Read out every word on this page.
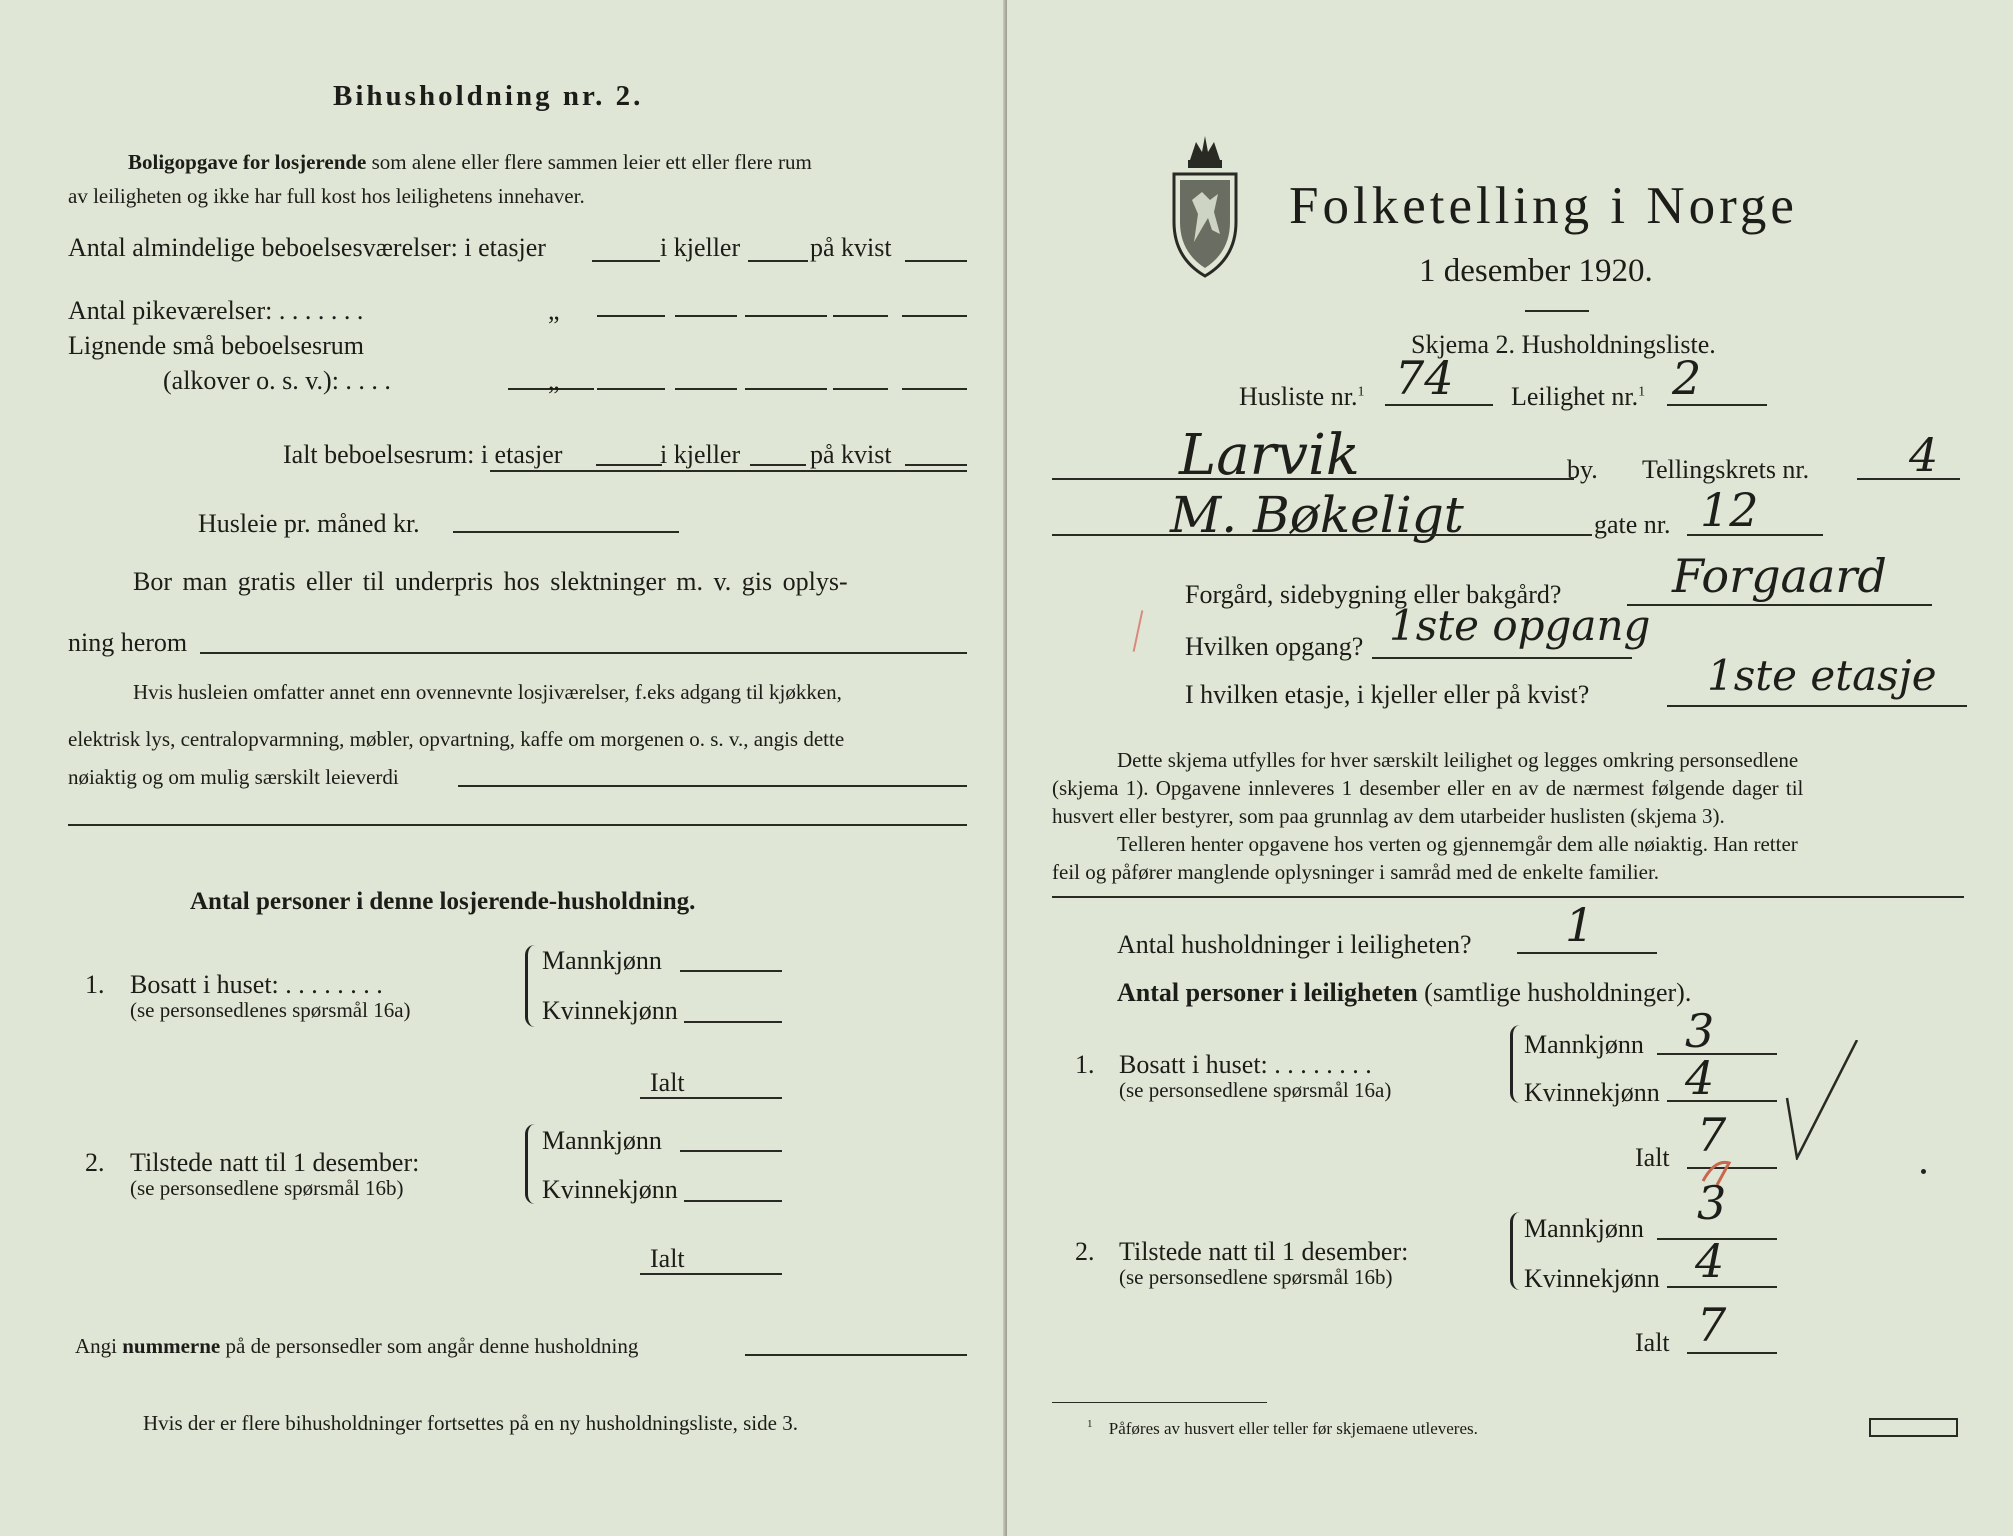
Bihusholdning nr. 2.
Boligopgave for losjerende som alene eller flere sammen leier ett eller flere rum
av leiligheten og ikke har full kost hos leilighetens innehaver.
Antal almindelige beboelsesværelser: i etasjer	i kjeller	på kvist
Antal pikeværelser: . . . . . . .	„
Lignende små beboelsesrum
(alkover o. s. v.): . . . .	„
Ialt beboelsesrum: i etasjer	i kjeller	på kvist
Husleie pr. måned kr.
Bor man gratis eller til underpris hos slektninger m. v. gis oplys-
ning herom
Hvis husleien omfatter annet enn ovennevnte losjiværelser, f.eks adgang til kjøkken,
elektrisk lys, centralopvarmning, møbler, opvartning, kaffe om morgenen o. s. v., angis dette
nøiaktig og om mulig særskilt leieverdi
Antal personer i denne losjerende-husholdning.
1. Bosatt i huset: . . . . . . . .
(se personsedlenes spørsmål 16a)
Mannkjønn
Kvinnekjønn
Ialt
2. Tilstede natt til 1 desember:
(se personsedlene spørsmål 16b)
Mannkjønn
Kvinnekjønn
Ialt
Angi nummerne på de personsedler som angår denne husholdning
Hvis der er flere bihusholdninger fortsettes på en ny husholdningsliste, side 3.
Folketelling i Norge
1 desember 1920.
Skjema 2. Husholdningsliste.
Husliste nr.$^1$ 74 Leilighet nr.$^1$ 2
Larvik	by. Tellingskrets nr. 4
M. Bøkeligt	gate nr. 12
Forgård, sidebygning eller bakgård? Forgaard
Hvilken opgang? 1ste opgang
I hvilken etasje, i kjeller eller på kvist?	1ste etasje
Dette skjema utfylles for hver særskilt leilighet og legges omkring personsedlene
(skjema 1). Opgavene innleveres 1 desember eller en av de nærmest følgende dager til
husvert eller bestyrer, som paa grunnlag av dem utarbeider huslisten (skjema 3).
Telleren henter opgavene hos verten og gjennemgår dem alle nøiaktig. Han retter
feil og påfører manglende oplysninger i samråd med de enkelte familier.
Antal husholdninger i leiligheten? 1
Antal personer i leiligheten (samtlige husholdninger).
1. Bosatt i huset: . . . . . . . .
(se personsedlene spørsmål 16a)
Mannkjønn 3
Kvinnekjønn 4
Ialt 7
2. Tilstede natt til 1 desember:
(se personsedlene spørsmål 16b)
Mannkjønn 3
Kvinnekjønn 4
Ialt 7
$^1$ Påføres av husvert eller teller før skjemaene utleveres.
